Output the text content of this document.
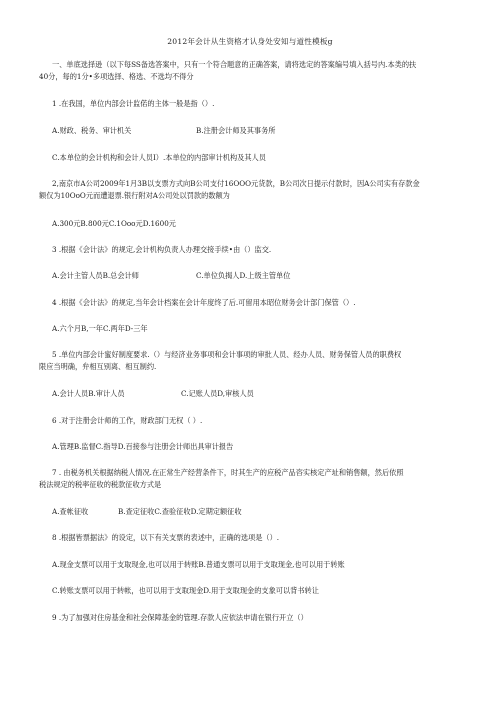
2012年会计从生资格才认身处安知与道性模板g
一、单底选择逊（以下每SS备选答案中，只有一个符合题意的正确答案，请将选定的答案编号填入括号内.本类的扶
40分，每的1分•多项选择、格选、不选均不得分
1 .在我国，单位内部会计监偌的主体一般是指（）.
A.财政、税务、审计机关	B.注册会计师及其事务所
C.本单位的会计机构和会计人员I）.本单位的内部审计机构及其人员
2,南京市A公司2009年1月3B以支票方式向B公司支付16OOO元货款，B公司次日提示付款时，因A公司实有存款金
额仅为10OoO元而遭退票.银行附对A公司处以罚款的数额为
A.300元B.800元C.1Ooo元D.1600元
3 .根据《会计法》的规定,会计机构负责人办理交接手续•由（）监交.
A.会计主管人员B.总会计师	C.单位负揭人D.上级主管单位
4 .根据《会计法》的规定,当年会计档案在会计年度终了后.可留用本昭位财务会计部门保管（）.
A.六个月B,一年C.两年D-三年
5 .单位内部会计蜜好制度要求.（）与经济业务事项和会计事项的审批人员、经办人员、财务保管人员的职费权
限应当明确，弁相互别离、相互制约.
A.会计人员B.审计人员	C.记账人员D,审核人员
6 .对于注册会计师的工作，财政部门无权（ ）.
A.管理B.监督C.指导D.百接参与注册会计师出具审计报告
7 . 由税务机关根据纳税人情况.在正常生产经营条件下，时其生产的应税产品咨实核定产址和销售额，然后依照
税法规定的税率征收的税款征收方式是
A.查帐征收	B.查定征收C.查验征收D.定期定额征收
8 .根据皆票据法》的设定，以下有关支票的表述中，正确的选项是（）.
A.现金支票可以用于支取现金,也可以用于转账B.普通支票可以用于支取现金,也可以用于转账
C.转账支票可以用于转帐，也可以用于支取现金D.用于支取现金的支象可以背书转让
9 .为了加强对住房基金和社会保障基金的管理.存款人应依法申请在银行开立（）
